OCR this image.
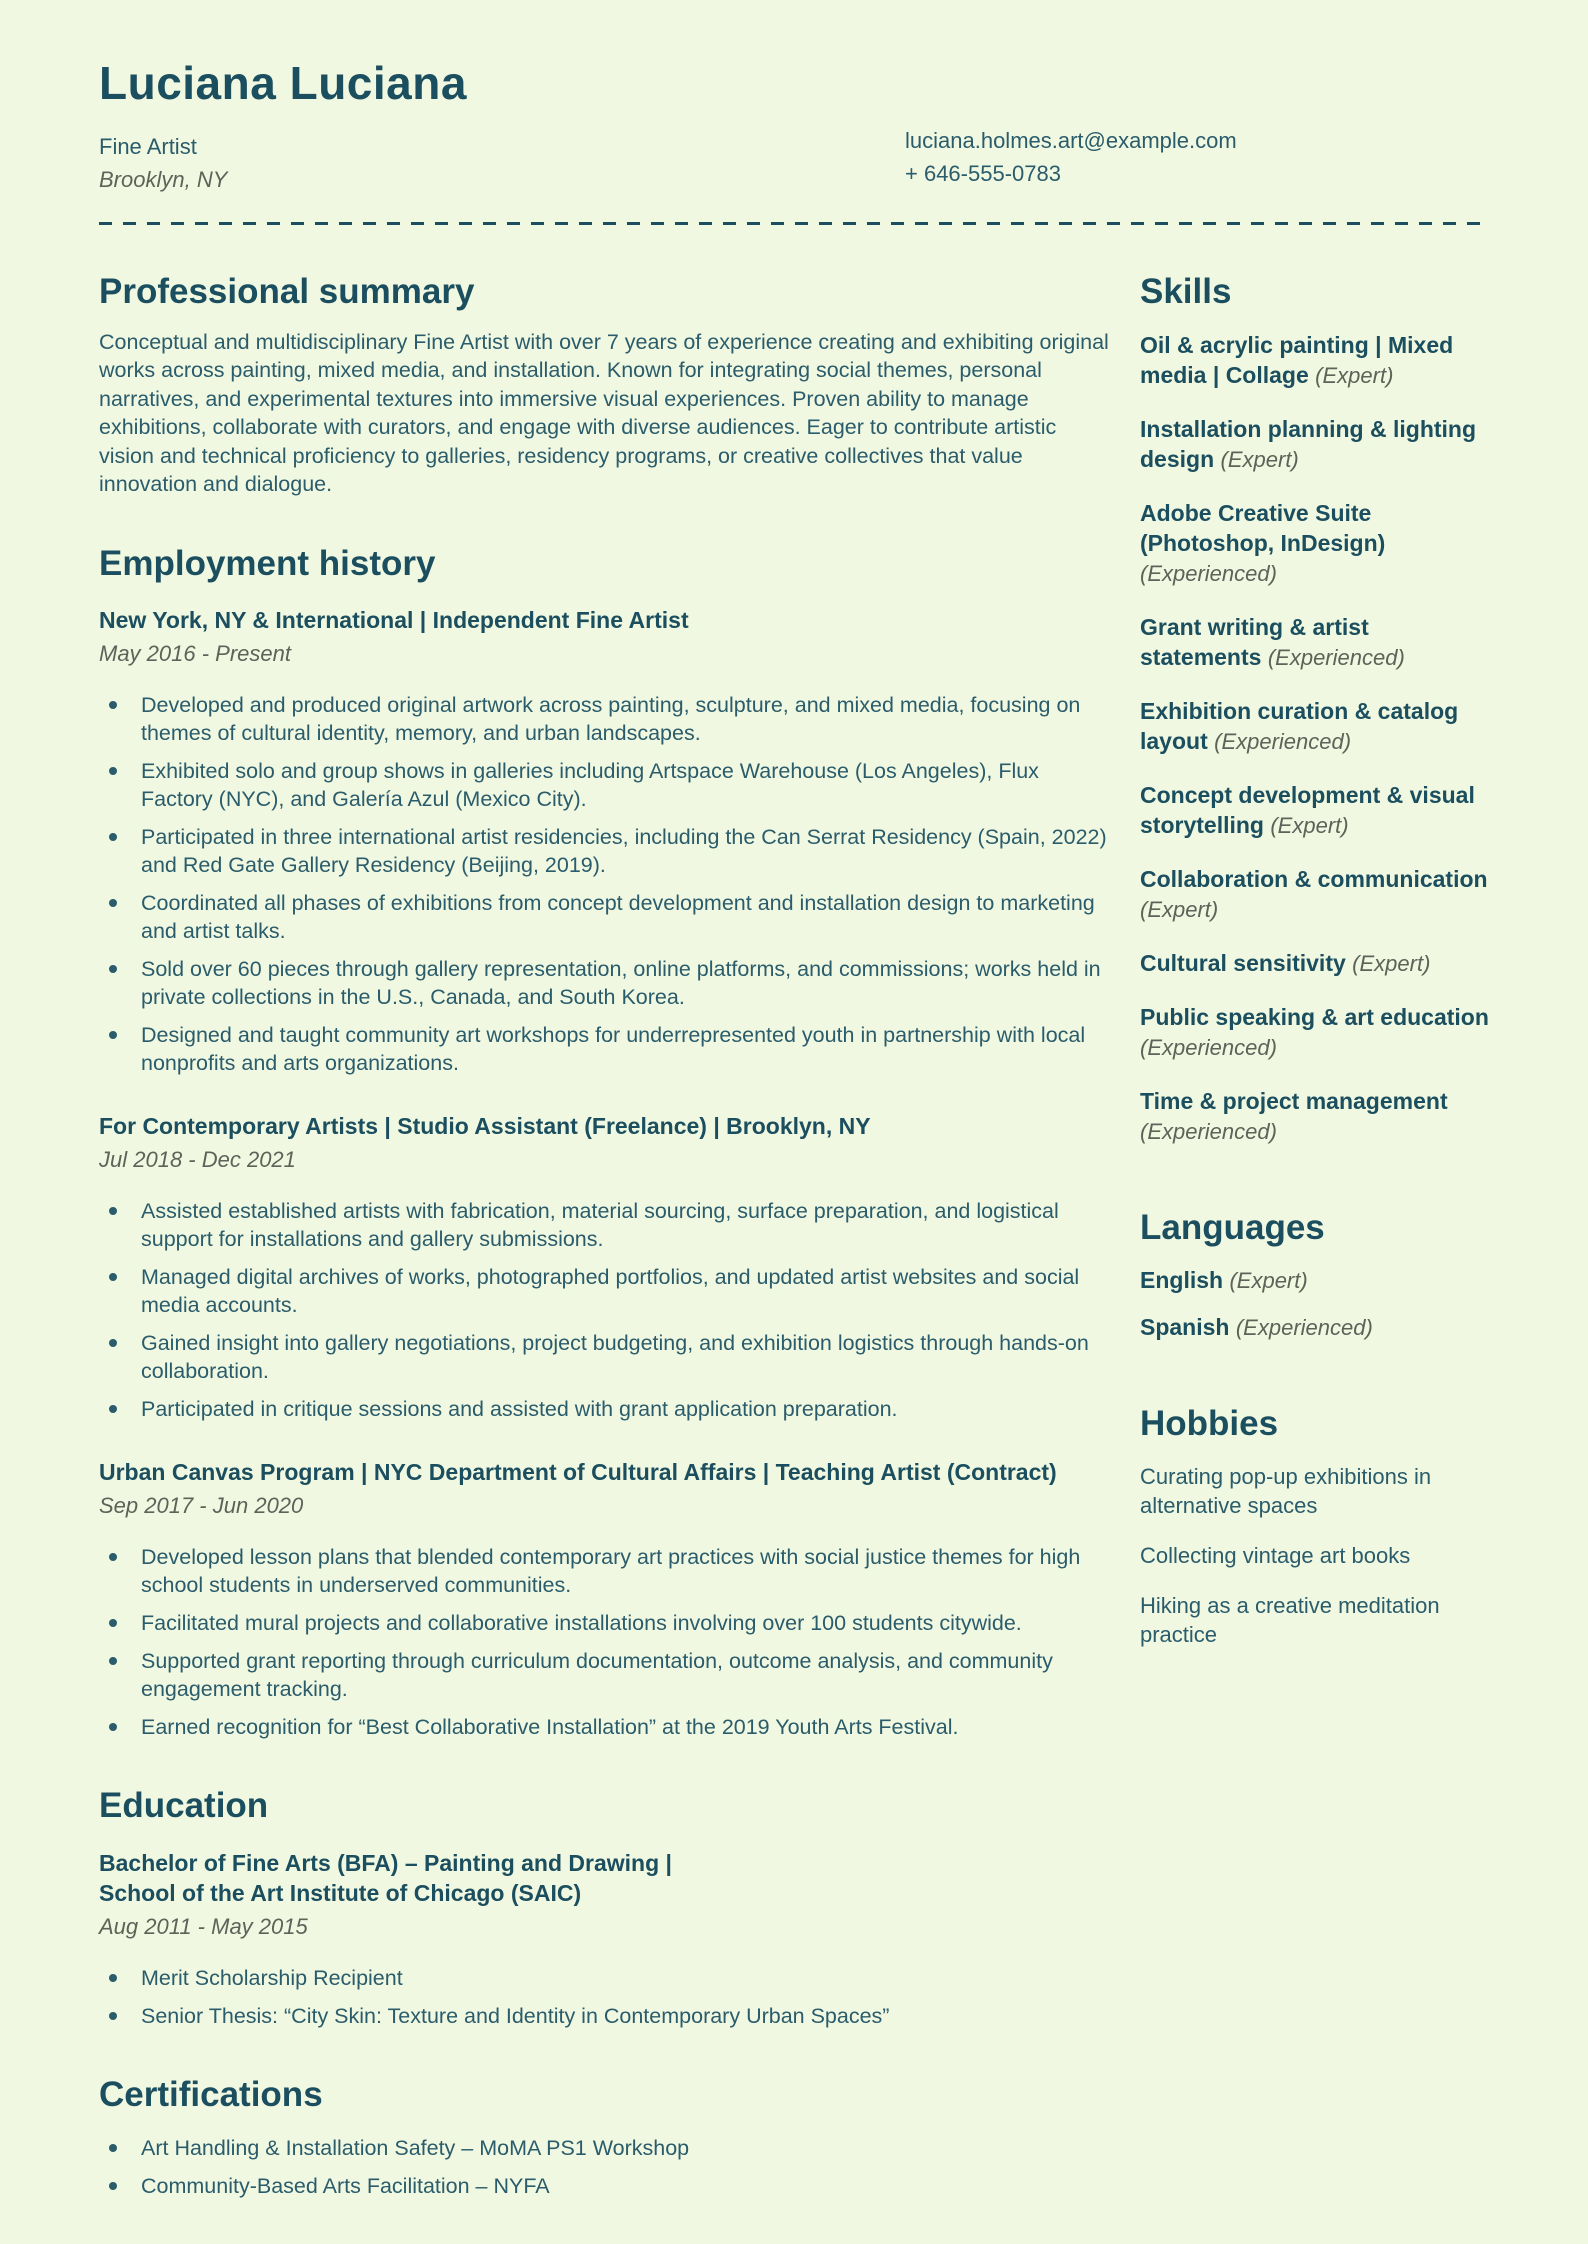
Luciana Luciana
Fine Artist
Brooklyn, NY
luciana.holmes.art@example.com
+ 646-555-0783
Professional summary

Conceptual and multidisciplinary Fine Artist with over 7 years of experience creating and exhibiting original works across painting, mixed media, and installation. Known for integrating social themes, personal narratives, and experimental textures into immersive visual experiences. Proven ability to manage exhibitions, collaborate with curators, and engage with diverse audiences. Eager to contribute artistic vision and technical proficiency to galleries, residency programs, or creative collectives that value innovation and dialogue.

Employment history
New York, NY & International | Independent Fine Artist
May 2016 - Present
Developed and produced original artwork across painting, sculpture, and mixed media, focusing on themes of cultural identity, memory, and urban landscapes.
Exhibited solo and group shows in galleries including Artspace Warehouse (Los Angeles), Flux Factory (NYC), and Galería Azul (Mexico City).
Participated in three international artist residencies, including the Can Serrat Residency (Spain, 2022) and Red Gate Gallery Residency (Beijing, 2019).
Coordinated all phases of exhibitions from concept development and installation design to marketing and artist talks.
Sold over 60 pieces through gallery representation, online platforms, and commissions; works held in private collections in the U.S., Canada, and South Korea.
Designed and taught community art workshops for underrepresented youth in partnership with local nonprofits and arts organizations.
For Contemporary Artists | Studio Assistant (Freelance) | Brooklyn, NY
Jul 2018 - Dec 2021
Assisted established artists with fabrication, material sourcing, surface preparation, and logistical support for installations and gallery submissions.
Managed digital archives of works, photographed portfolios, and updated artist websites and social media accounts.
Gained insight into gallery negotiations, project budgeting, and exhibition logistics through hands-on collaboration.
Participated in critique sessions and assisted with grant application preparation.
Urban Canvas Program | NYC Department of Cultural Affairs | Teaching Artist (Contract)
Sep 2017 - Jun 2020
Developed lesson plans that blended contemporary art practices with social justice themes for high school students in underserved communities.
Facilitated mural projects and collaborative installations involving over 100 students citywide.
Supported grant reporting through curriculum documentation, outcome analysis, and community engagement tracking.
Earned recognition for “Best Collaborative Installation” at the 2019 Youth Arts Festival.
Education
Bachelor of Fine Arts (BFA) – Painting and Drawing | School of the Art Institute of Chicago (SAIC)
Aug 2011 - May 2015
Merit Scholarship Recipient
Senior Thesis: “City Skin: Texture and Identity in Contemporary Urban Spaces”
Certifications
Art Handling & Installation Safety – MoMA PS1 Workshop
Community-Based Arts Facilitation – NYFA
Skills
Oil & acrylic painting | Mixed media | Collage (Expert)
Installation planning & lighting design (Expert)
Adobe Creative Suite (Photoshop, InDesign) (Experienced)
Grant writing & artist statements (Experienced)
Exhibition curation & catalog layout (Experienced)
Concept development & visual storytelling (Expert)
Collaboration & communication (Expert)
Cultural sensitivity (Expert)
Public speaking & art education (Experienced)
Time & project management (Experienced)
Languages
English (Expert)
Spanish (Experienced)
Hobbies
Curating pop-up exhibitions in alternative spaces
Collecting vintage art books
Hiking as a creative meditation practice
